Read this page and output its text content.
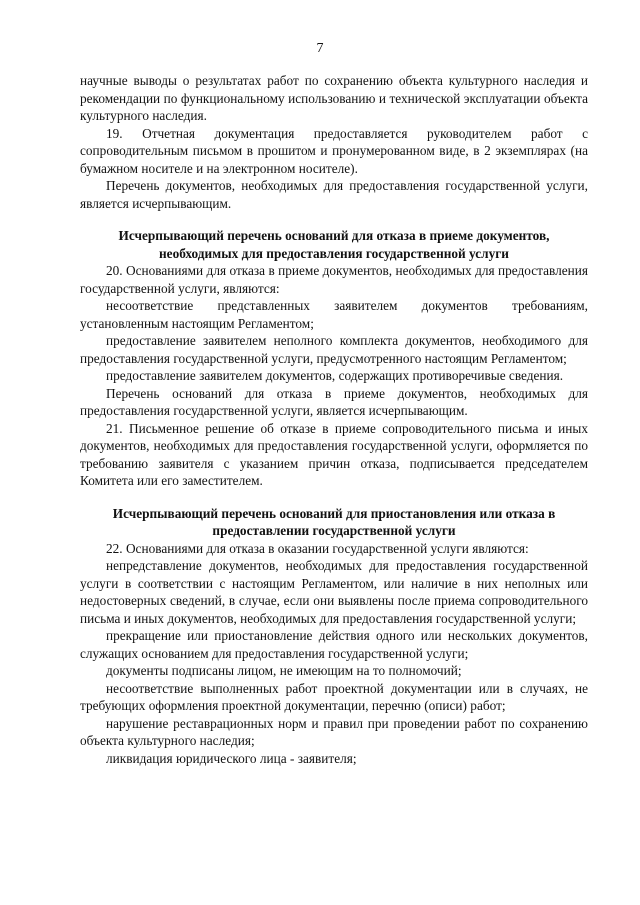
7

научные выводы о результатах работ по сохранению объекта культурного наследия и рекомендации по функциональному использованию и технической эксплуатации объекта культурного наследия.

19. Отчетная документация предоставляется руководителем работ с сопроводительным письмом в прошитом и пронумерованном виде, в 2 экземплярах (на бумажном носителе и на электронном носителе).

Перечень документов, необходимых для предоставления государственной услуги, является исчерпывающим.

Исчерпывающий перечень оснований для отказа в приеме документов, необходимых для предоставления государственной услуги

20. Основаниями для отказа в приеме документов, необходимых для предоставления государственной услуги, являются:

несоответствие представленных заявителем документов требованиям, установленным настоящим Регламентом;

предоставление заявителем неполного комплекта документов, необходимого для предоставления государственной услуги, предусмотренного настоящим Регламентом;

предоставление заявителем документов, содержащих противоречивые сведения.

Перечень оснований для отказа в приеме документов, необходимых для предоставления государственной услуги, является исчерпывающим.

21. Письменное решение об отказе в приеме сопроводительного письма и иных документов, необходимых для предоставления государственной услуги, оформляется по требованию заявителя с указанием причин отказа, подписывается председателем Комитета или его заместителем.

Исчерпывающий перечень оснований для приостановления или отказа в предоставлении государственной услуги

22. Основаниями для отказа в оказании государственной услуги являются:

непредставление документов, необходимых для предоставления государственной услуги в соответствии с настоящим Регламентом, или наличие в них неполных или недостоверных сведений, в случае, если они выявлены после приема сопроводительного письма и иных документов, необходимых для предоставления государственной услуги;

прекращение или приостановление действия одного или нескольких документов, служащих основанием для предоставления государственной услуги;

документы подписаны лицом, не имеющим на то полномочий;

несоответствие выполненных работ проектной документации или в случаях, не требующих оформления проектной документации, перечню (описи) работ;

нарушение реставрационных норм и правил при проведении работ по сохранению объекта культурного наследия;

ликвидация юридического лица - заявителя;
